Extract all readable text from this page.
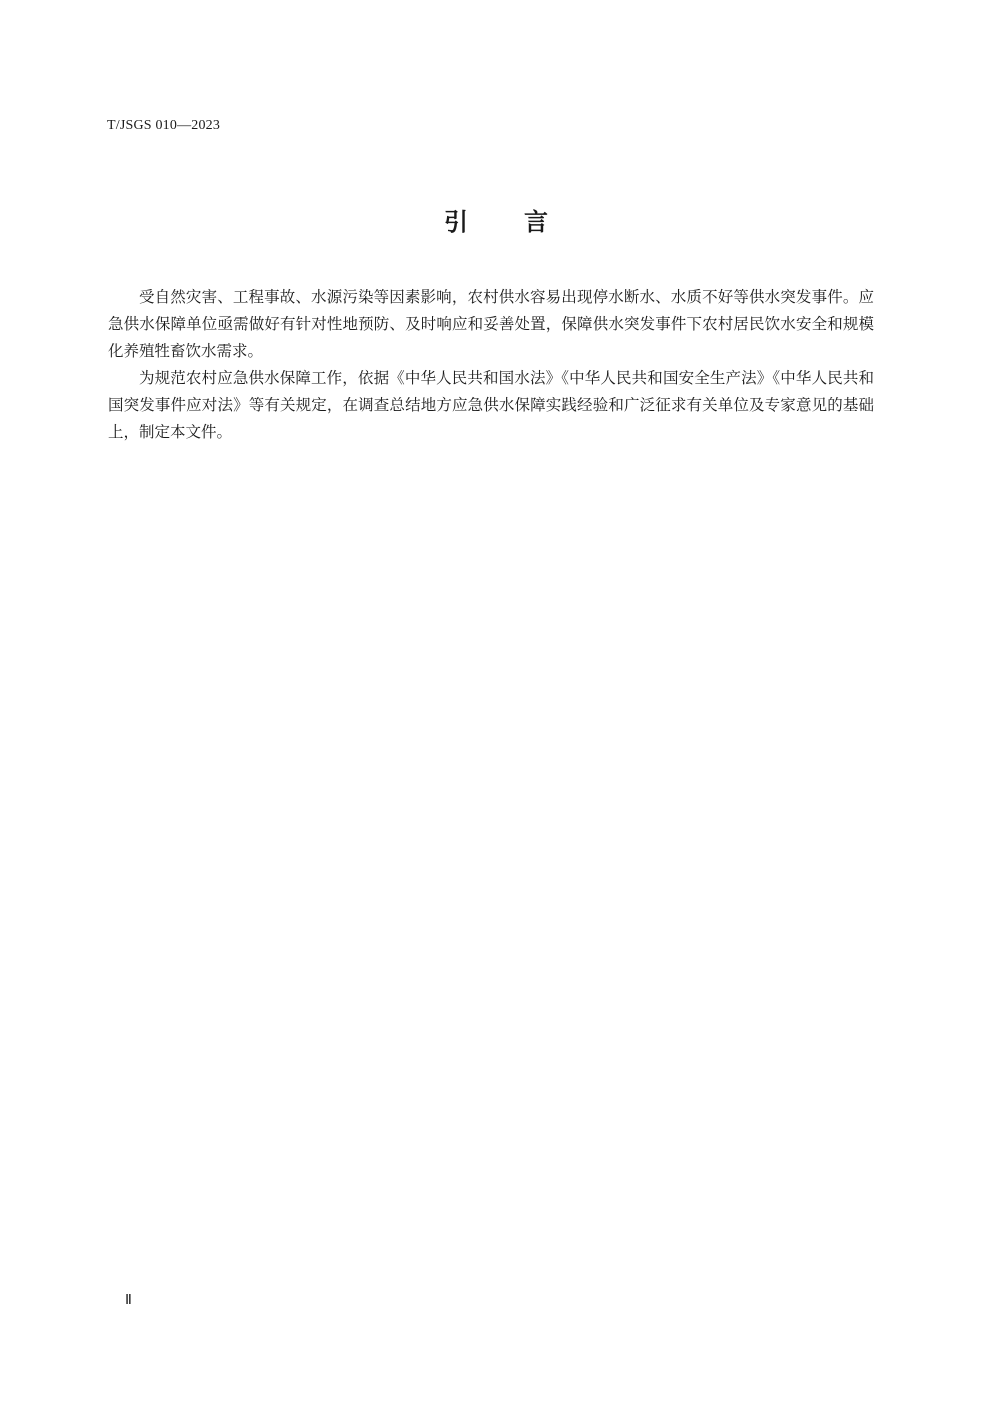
T/JSGS 010—2023
引言

受自然灾害、工程事故、水源污染等因素影响，农村供水容易出现停水断水、水质不好等供水突发事件。应急供水保障单位亟需做好有针对性地预防、及时响应和妥善处置，保障供水突发事件下农村居民饮水安全和规模化养殖牲畜饮水需求。

为规范农村应急供水保障工作，依据《中华人民共和国水法》《中华人民共和国安全生产法》《中华人民共和国突发事件应对法》等有关规定，在调查总结地方应急供水保障实践经验和广泛征求有关单位及专家意见的基础上，制定本文件。

Ⅱ
